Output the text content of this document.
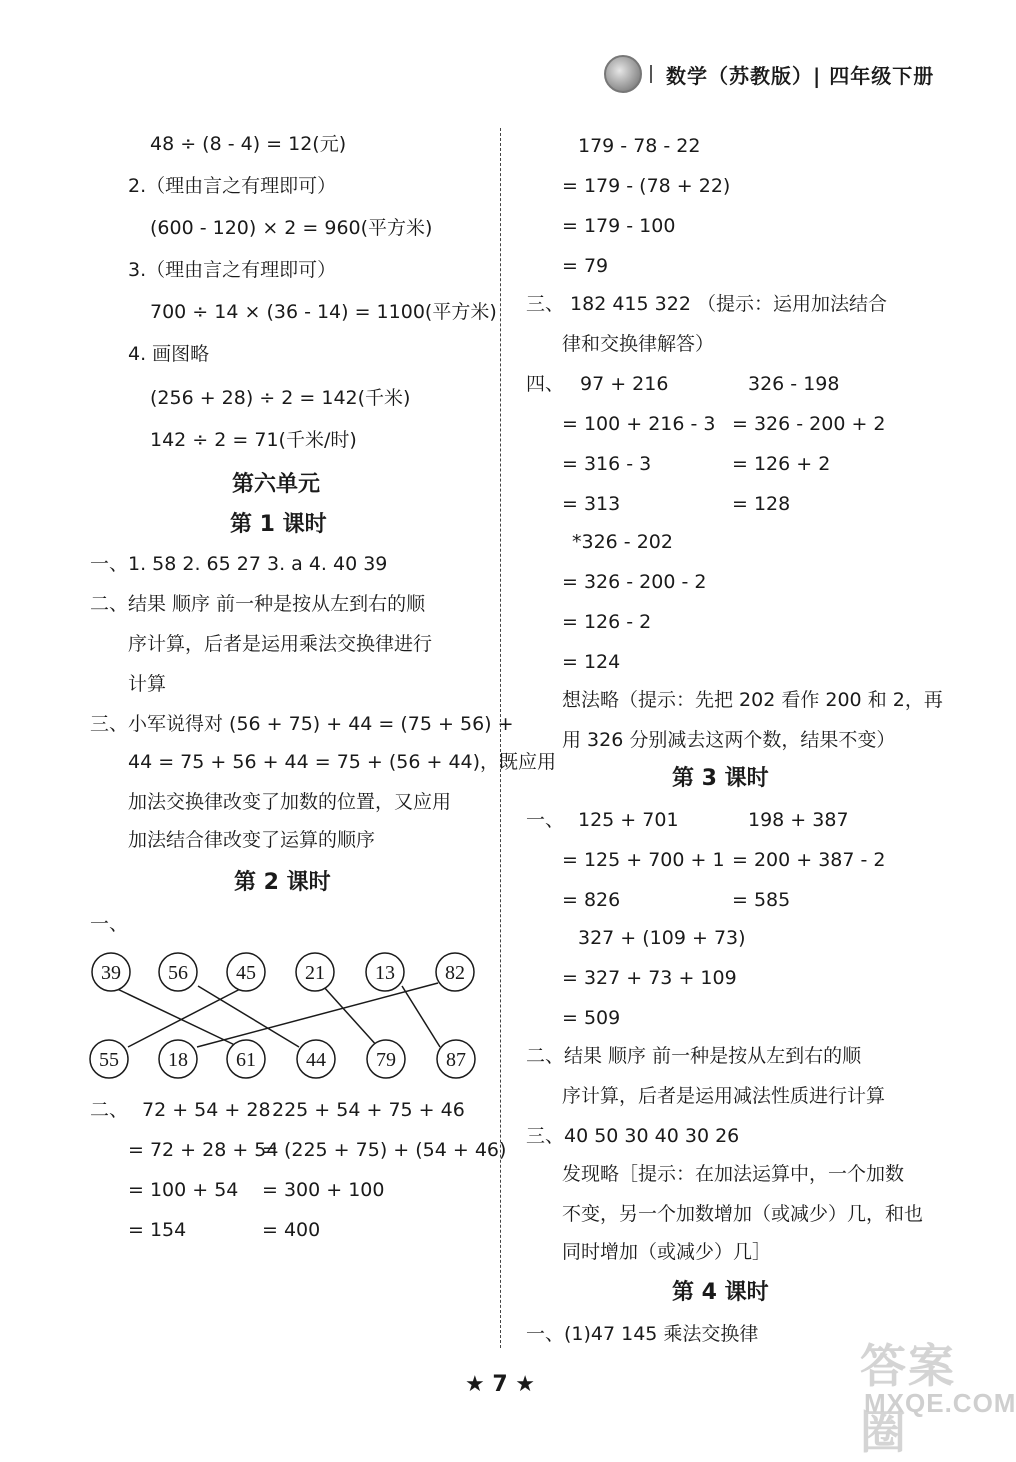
数学（苏教版）| 四年级下册
48 ÷ (8 - 4) = 12(元)
2.（理由言之有理即可）
(600 - 120) × 2 = 960(平方米)
3.（理由言之有理即可）
700 ÷ 14 × (36 - 14) = 1100(平方米)
4. 画图略
(256 + 28) ÷ 2 = 142(千米)
142 ÷ 2 = 71(千米/时)
第六单元
第 1 课时
一、1. 58 2. 65 27 3. a 4. 40 39
二、结果 顺序 前一种是按从左到右的顺
序计算，后者是运用乘法交换律进行
计算
三、小军说得对 (56 + 75) + 44 = (75 + 56) +
44 = 75 + 56 + 44 = 75 + (56 + 44)，既应用
加法交换律改变了加数的位置，又应用
加法结合律改变了运算的顺序
第 2 课时
一、
39 56 45 21	13	82
55 18 61	44	79	87
二、 72 + 54 + 28
= 72 + 28 + 54
= 100 + 54
= 154
225 + 54 + 75 + 46
= (225 + 75) + (54 + 46)
= 300 + 100
= 400
179 - 78 - 22
= 179 - (78 + 22)
= 179 - 100
= 79
三、 182 415 322 （提示：运用加法结合
律和交换律解答）
四、 97 + 216
= 100 + 216 - 3
= 316 - 3
= 313
326 - 198
= 326 - 200 + 2
= 126 + 2
= 128
*326 - 202
= 326 - 200 - 2
= 126 - 2
= 124
想法略（提示：先把 202 看作 200 和 2，再
用 326 分别减去这两个数，结果不变）
第 3 课时
一、 125 + 701
= 125 + 700 + 1
= 826
198 + 387
= 200 + 387 - 2
= 585
327 + (109 + 73)
= 327 + 73 + 109
= 509
二、结果 顺序 前一种是按从左到右的顺
序计算，后者是运用减法性质进行计算
三、40 50 30 40 30 26
发现略［提示：在加法运算中，一个加数
不变，另一个加数增加（或减少）几，和也
同时增加（或减少）几］
第 4 课时
一、(1)47 145 乘法交换律
★ 7 ★	答案圈
MXQE.COM
